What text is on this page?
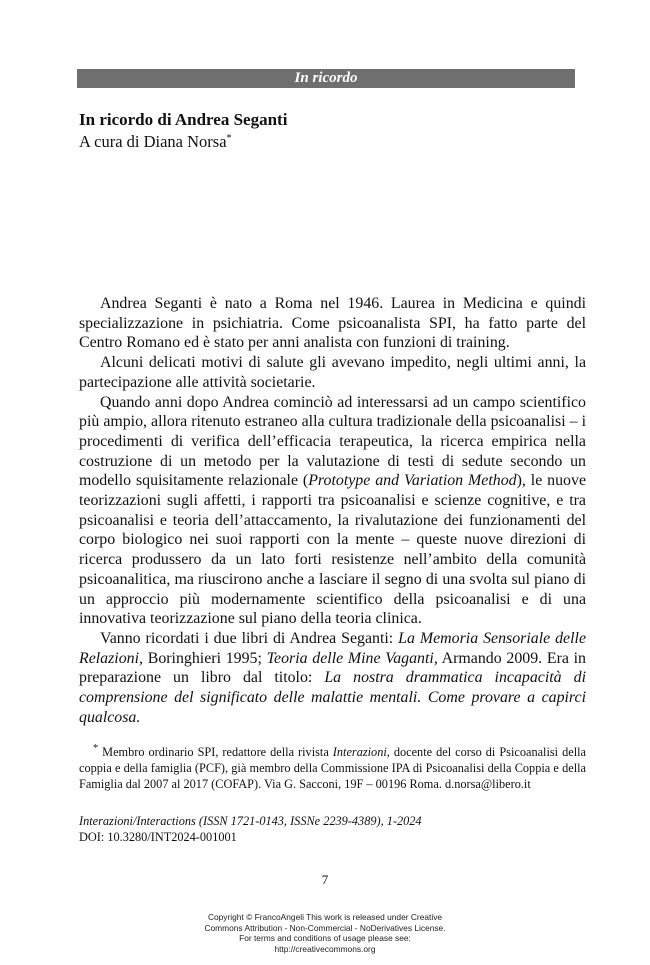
In ricordo
In ricordo di Andrea Seganti
A cura di Diana Norsa*

Andrea Seganti è nato a Roma nel 1946. Laurea in Medicina e quindi specializzazione in psichiatria. Come psicoanalista SPI, ha fatto parte del Centro Romano ed è stato per anni analista con funzioni di training.

Alcuni delicati motivi di salute gli avevano impedito, negli ultimi anni, la partecipazione alle attività societarie.

Quando anni dopo Andrea cominciò ad interessarsi ad un campo scientifico più ampio, allora ritenuto estraneo alla cultura tradizionale della psicoanalisi – i procedimenti di verifica dell’efficacia terapeutica, la ricerca empirica nella costruzione di un metodo per la valutazione di testi di sedute secondo un modello squisitamente relazionale (Prototype and Variation Method), le nuove teorizzazioni sugli affetti, i rapporti tra psicoanalisi e scienze cognitive, e tra psicoanalisi e teoria dell’attaccamento, la rivalutazione dei funzionamenti del corpo biologico nei suoi rapporti con la mente – queste nuove direzioni di ricerca produssero da un lato forti resistenze nell’ambito della comunità psicoanalitica, ma riuscirono anche a lasciare il segno di una svolta sul piano di un approccio più modernamente scientifico della psicoanalisi e di una innovativa teorizzazione sul piano della teoria clinica.

Vanno ricordati i due libri di Andrea Seganti: La Memoria Sensoriale delle Relazioni, Boringhieri 1995; Teoria delle Mine Vaganti, Armando 2009. Era in preparazione un libro dal titolo: La nostra drammatica incapacità di comprensione del significato delle malattie mentali. Come provare a capirci qualcosa.

* Membro ordinario SPI, redattore della rivista Interazioni, docente del corso di Psicoanalisi della coppia e della famiglia (PCF), già membro della Commissione IPA di Psicoanalisi della Coppia e della Famiglia dal 2007 al 2017 (COFAP). Via G. Sacconi, 19F – 00196 Roma. d.norsa@libero.it

Interazioni/Interactions (ISSN 1721-0143, ISSNe 2239-4389), 1-2024
DOI: 10.3280/INT2024-001001
7
Copyright © FrancoAngeli This work is released under Creative
Commons Attribution - Non-Commercial - NoDerivatives License.
For terms and conditions of usage please see:
http://creativecommons.org
